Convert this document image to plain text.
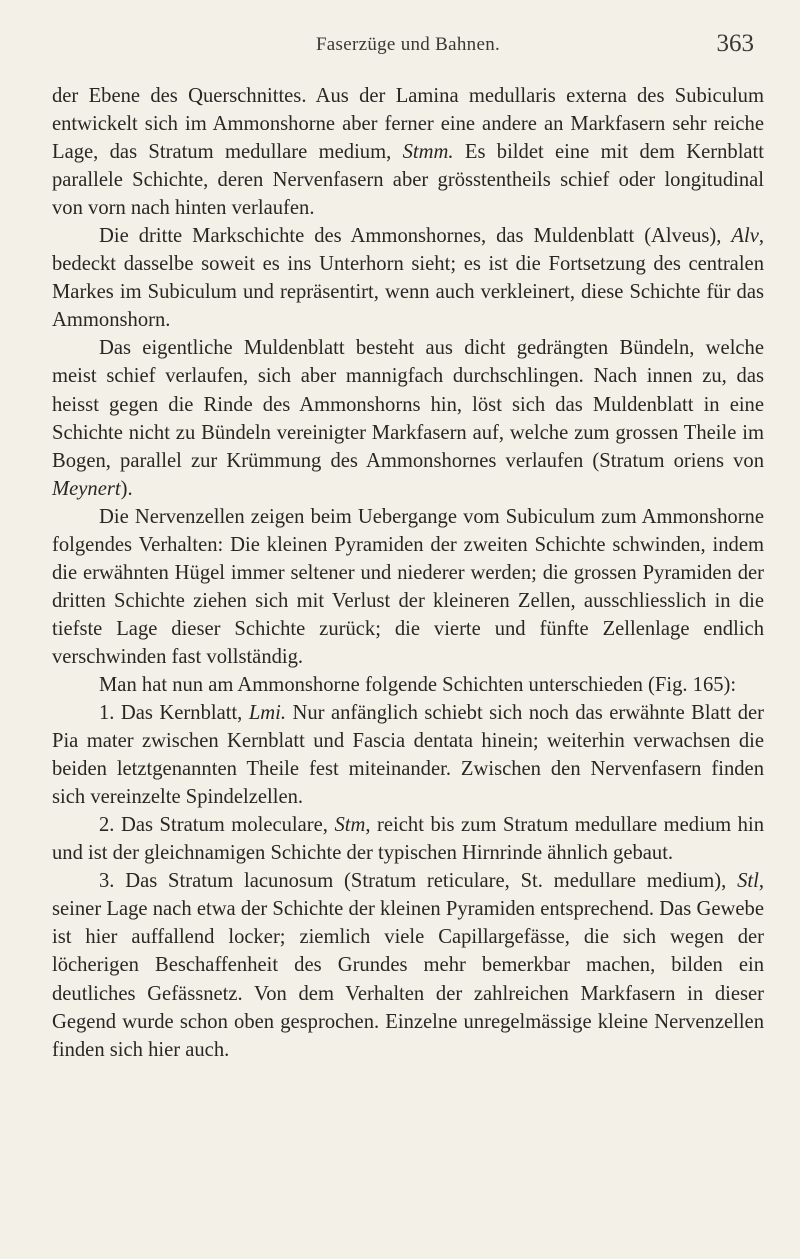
Faserzüge und Bahnen.	363

der Ebene des Querschnittes. Aus der Lamina medullaris externa des Subiculum entwickelt sich im Ammonshorne aber ferner eine andere an Markfasern sehr reiche Lage, das Stratum medullare medium, Stmm. Es bildet eine mit dem Kernblatt parallele Schichte, deren Nervenfasern aber grösstentheils schief oder longitudinal von vorn nach hinten verlaufen.

Die dritte Markschichte des Ammonshornes, das Muldenblatt (Alveus), Alv, bedeckt dasselbe soweit es ins Unterhorn sieht; es ist die Fortsetzung des centralen Markes im Subiculum und repräsentirt, wenn auch verkleinert, diese Schichte für das Ammonshorn.

Das eigentliche Muldenblatt besteht aus dicht gedrängten Bündeln, welche meist schief verlaufen, sich aber mannigfach durchschlingen. Nach innen zu, das heisst gegen die Rinde des Ammonshorns hin, löst sich das Muldenblatt in eine Schichte nicht zu Bündeln vereinigter Markfasern auf, welche zum grossen Theile im Bogen, parallel zur Krümmung des Ammonshornes verlaufen (Stratum oriens von Meynert).

Die Nervenzellen zeigen beim Uebergange vom Subiculum zum Ammonshorne folgendes Verhalten: Die kleinen Pyramiden der zweiten Schichte schwinden, indem die erwähnten Hügel immer seltener und niederer werden; die grossen Pyramiden der dritten Schichte ziehen sich mit Verlust der kleineren Zellen, ausschliesslich in die tiefste Lage dieser Schichte zurück; die vierte und fünfte Zellenlage endlich verschwinden fast vollständig.

Man hat nun am Ammonshorne folgende Schichten unterschieden (Fig. 165):

1. Das Kernblatt, Lmi. Nur anfänglich schiebt sich noch das erwähnte Blatt der Pia mater zwischen Kernblatt und Fascia dentata hinein; weiterhin verwachsen die beiden letztgenannten Theile fest miteinander. Zwischen den Nervenfasern finden sich vereinzelte Spindelzellen.

2. Das Stratum moleculare, Stm, reicht bis zum Stratum medullare medium hin und ist der gleichnamigen Schichte der typischen Hirnrinde ähnlich gebaut.

3. Das Stratum lacunosum (Stratum reticulare, St. medullare medium), Stl, seiner Lage nach etwa der Schichte der kleinen Pyramiden entsprechend. Das Gewebe ist hier auffallend locker; ziemlich viele Capillargefässe, die sich wegen der löcherigen Beschaffenheit des Grundes mehr bemerkbar machen, bilden ein deutliches Gefässnetz. Von dem Verhalten der zahlreichen Markfasern in dieser Gegend wurde schon oben gesprochen. Einzelne unregelmässige kleine Nervenzellen finden sich hier auch.
